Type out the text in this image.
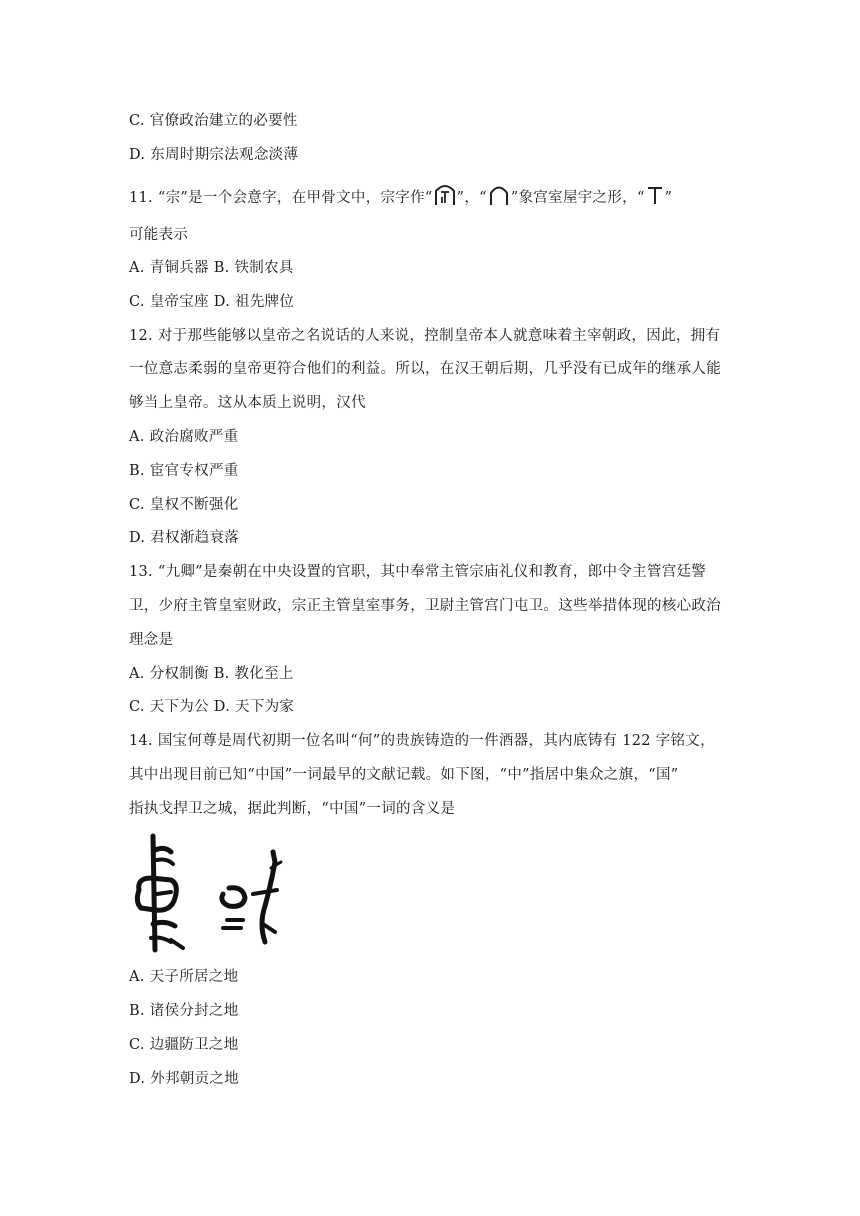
C. 官僚政治建立的必要性
D. 东周时期宗法观念淡薄
11. “宗”是一个会意字，在甲骨文中，宗字作“ ”，“ ”象宫室屋宇之形，“ ”
可能表示
A. 青铜兵器 B. 铁制农具
C. 皇帝宝座 D. 祖先牌位
12. 对于那些能够以皇帝之名说话的人来说，控制皇帝本人就意味着主宰朝政，因此，拥有
一位意志柔弱的皇帝更符合他们的利益。所以，在汉王朝后期，几乎没有已成年的继承人能
够当上皇帝。这从本质上说明，汉代
A. 政治腐败严重
B. 宦官专权严重
C. 皇权不断强化
D. 君权渐趋衰落
13. “九卿”是秦朝在中央设置的官职，其中奉常主管宗庙礼仪和教育，郎中令主管宫廷警
卫，少府主管皇室财政，宗正主管皇室事务，卫尉主管宫门屯卫。这些举措体现的核心政治
理念是
A. 分权制衡 B. 教化至上
C. 天下为公 D. 天下为家
14. 国宝何尊是周代初期一位名叫“何”的贵族铸造的一件酒器，其内底铸有 122 字铭文，
其中出现目前已知“中国”一词最早的文献记载。如下图，“中”指居中集众之旗，“国”
指执戈捍卫之城，据此判断，“中国”一词的含义是
A. 天子所居之地
B. 诸侯分封之地
C. 边疆防卫之地
D. 外邦朝贡之地
